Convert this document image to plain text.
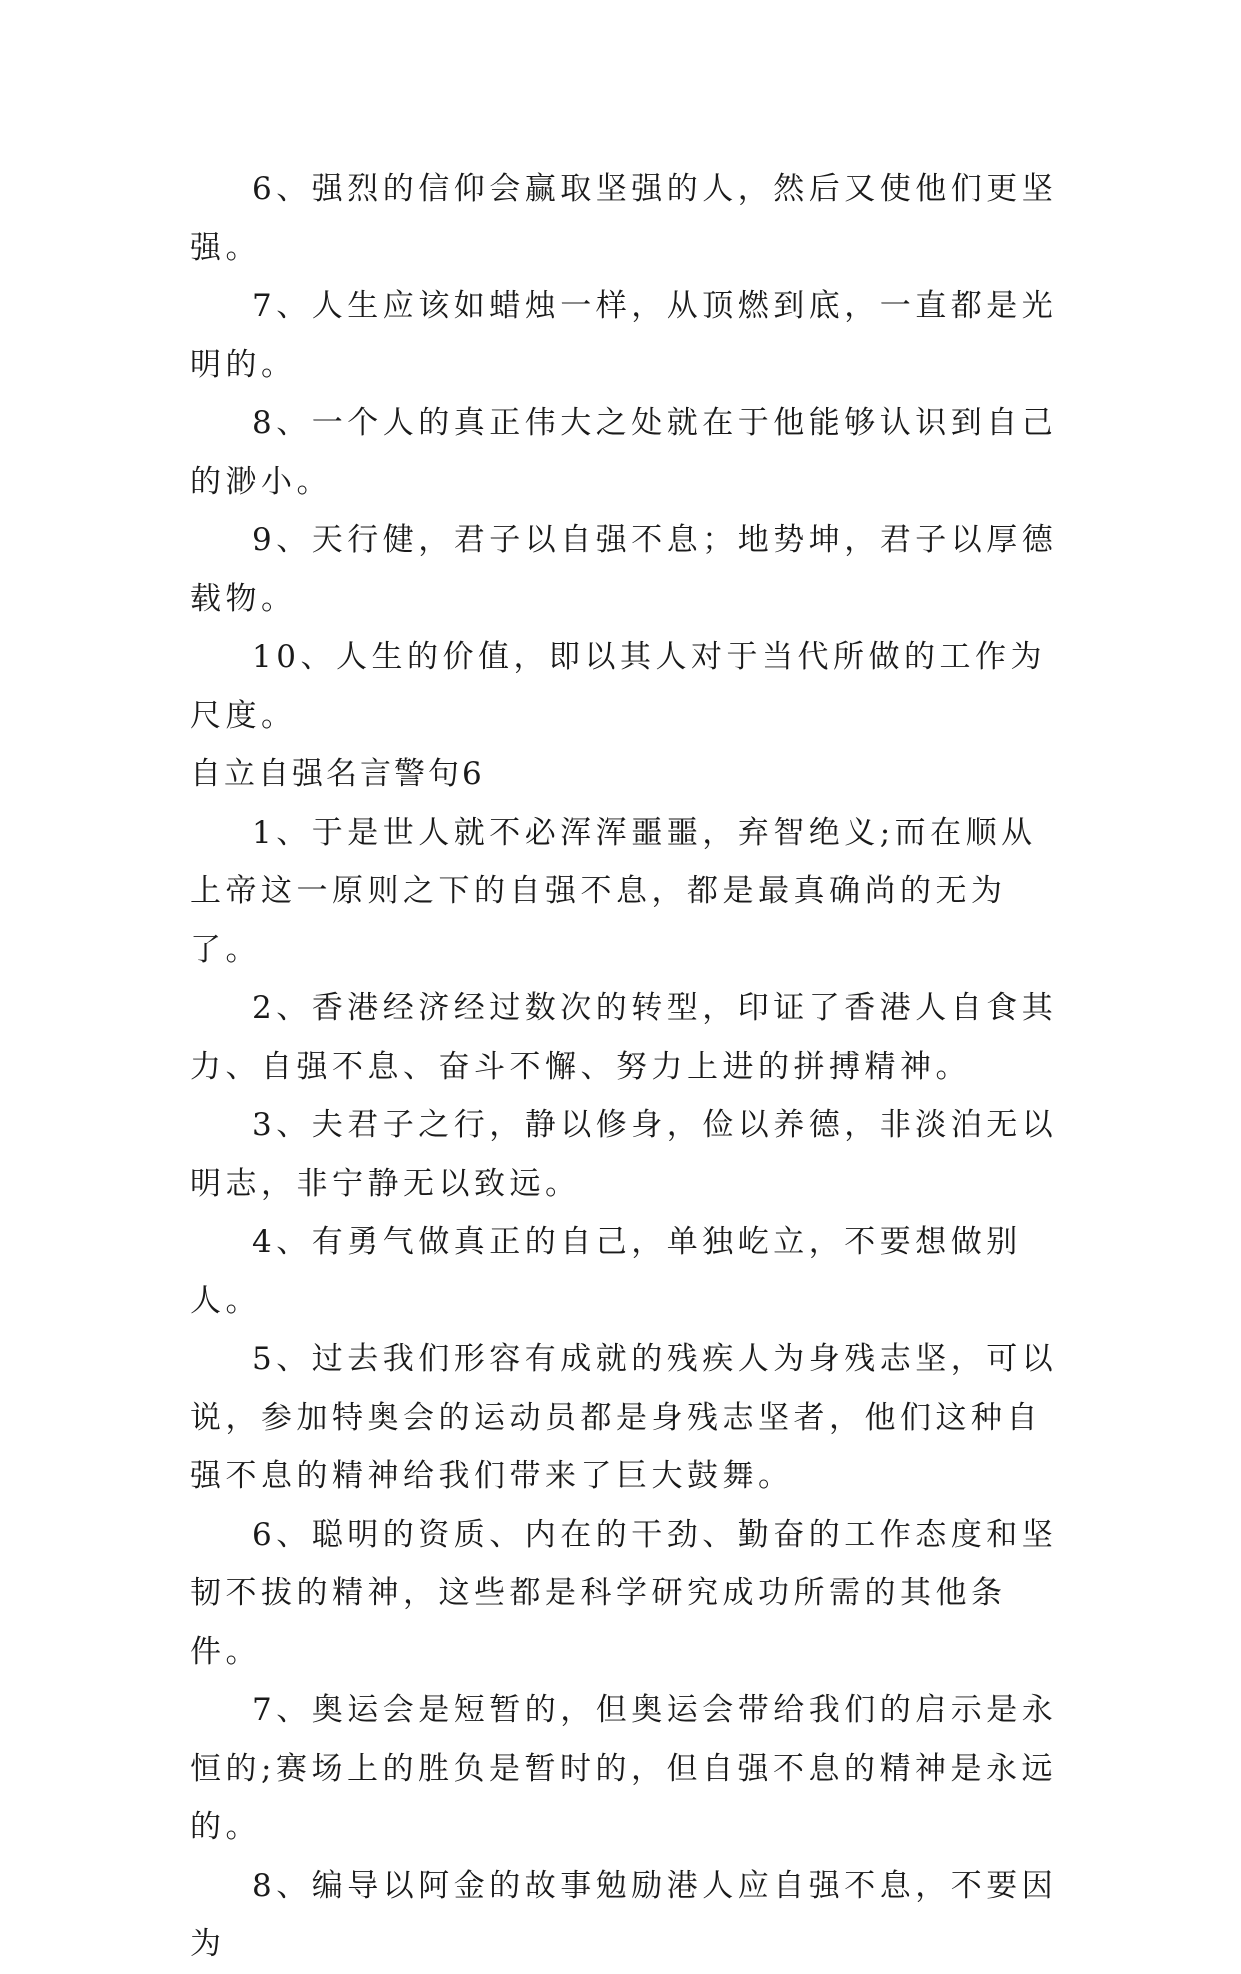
6、强烈的信仰会赢取坚强的人，然后又使他们更坚强。

7、人生应该如蜡烛一样，从顶燃到底，一直都是光明的。

8、一个人的真正伟大之处就在于他能够认识到自己的渺小。

9、天行健，君子以自强不息；地势坤，君子以厚德载物。

10、人生的价值，即以其人对于当代所做的工作为尺度。

自立自强名言警句6

1、于是世人就不必浑浑噩噩，弃智绝义;而在顺从上帝这一原则之下的自强不息，都是最真确尚的无为了。

2、香港经济经过数次的转型，印证了香港人自食其力、自强不息、奋斗不懈、努力上进的拼搏精神。

3、夫君子之行，静以修身，俭以养德，非淡泊无以明志，非宁静无以致远。

4、有勇气做真正的自己，单独屹立，不要想做别人。

5、过去我们形容有成就的残疾人为身残志坚，可以说，参加特奥会的运动员都是身残志坚者，他们这种自强不息的精神给我们带来了巨大鼓舞。

6、聪明的资质、内在的干劲、勤奋的工作态度和坚韧不拔的精神，这些都是科学研究成功所需的其他条件。

7、奥运会是短暂的，但奥运会带给我们的启示是永恒的;赛场上的胜负是暂时的，但自强不息的精神是永远的。

8、编导以阿金的故事勉励港人应自强不息，不要因为
